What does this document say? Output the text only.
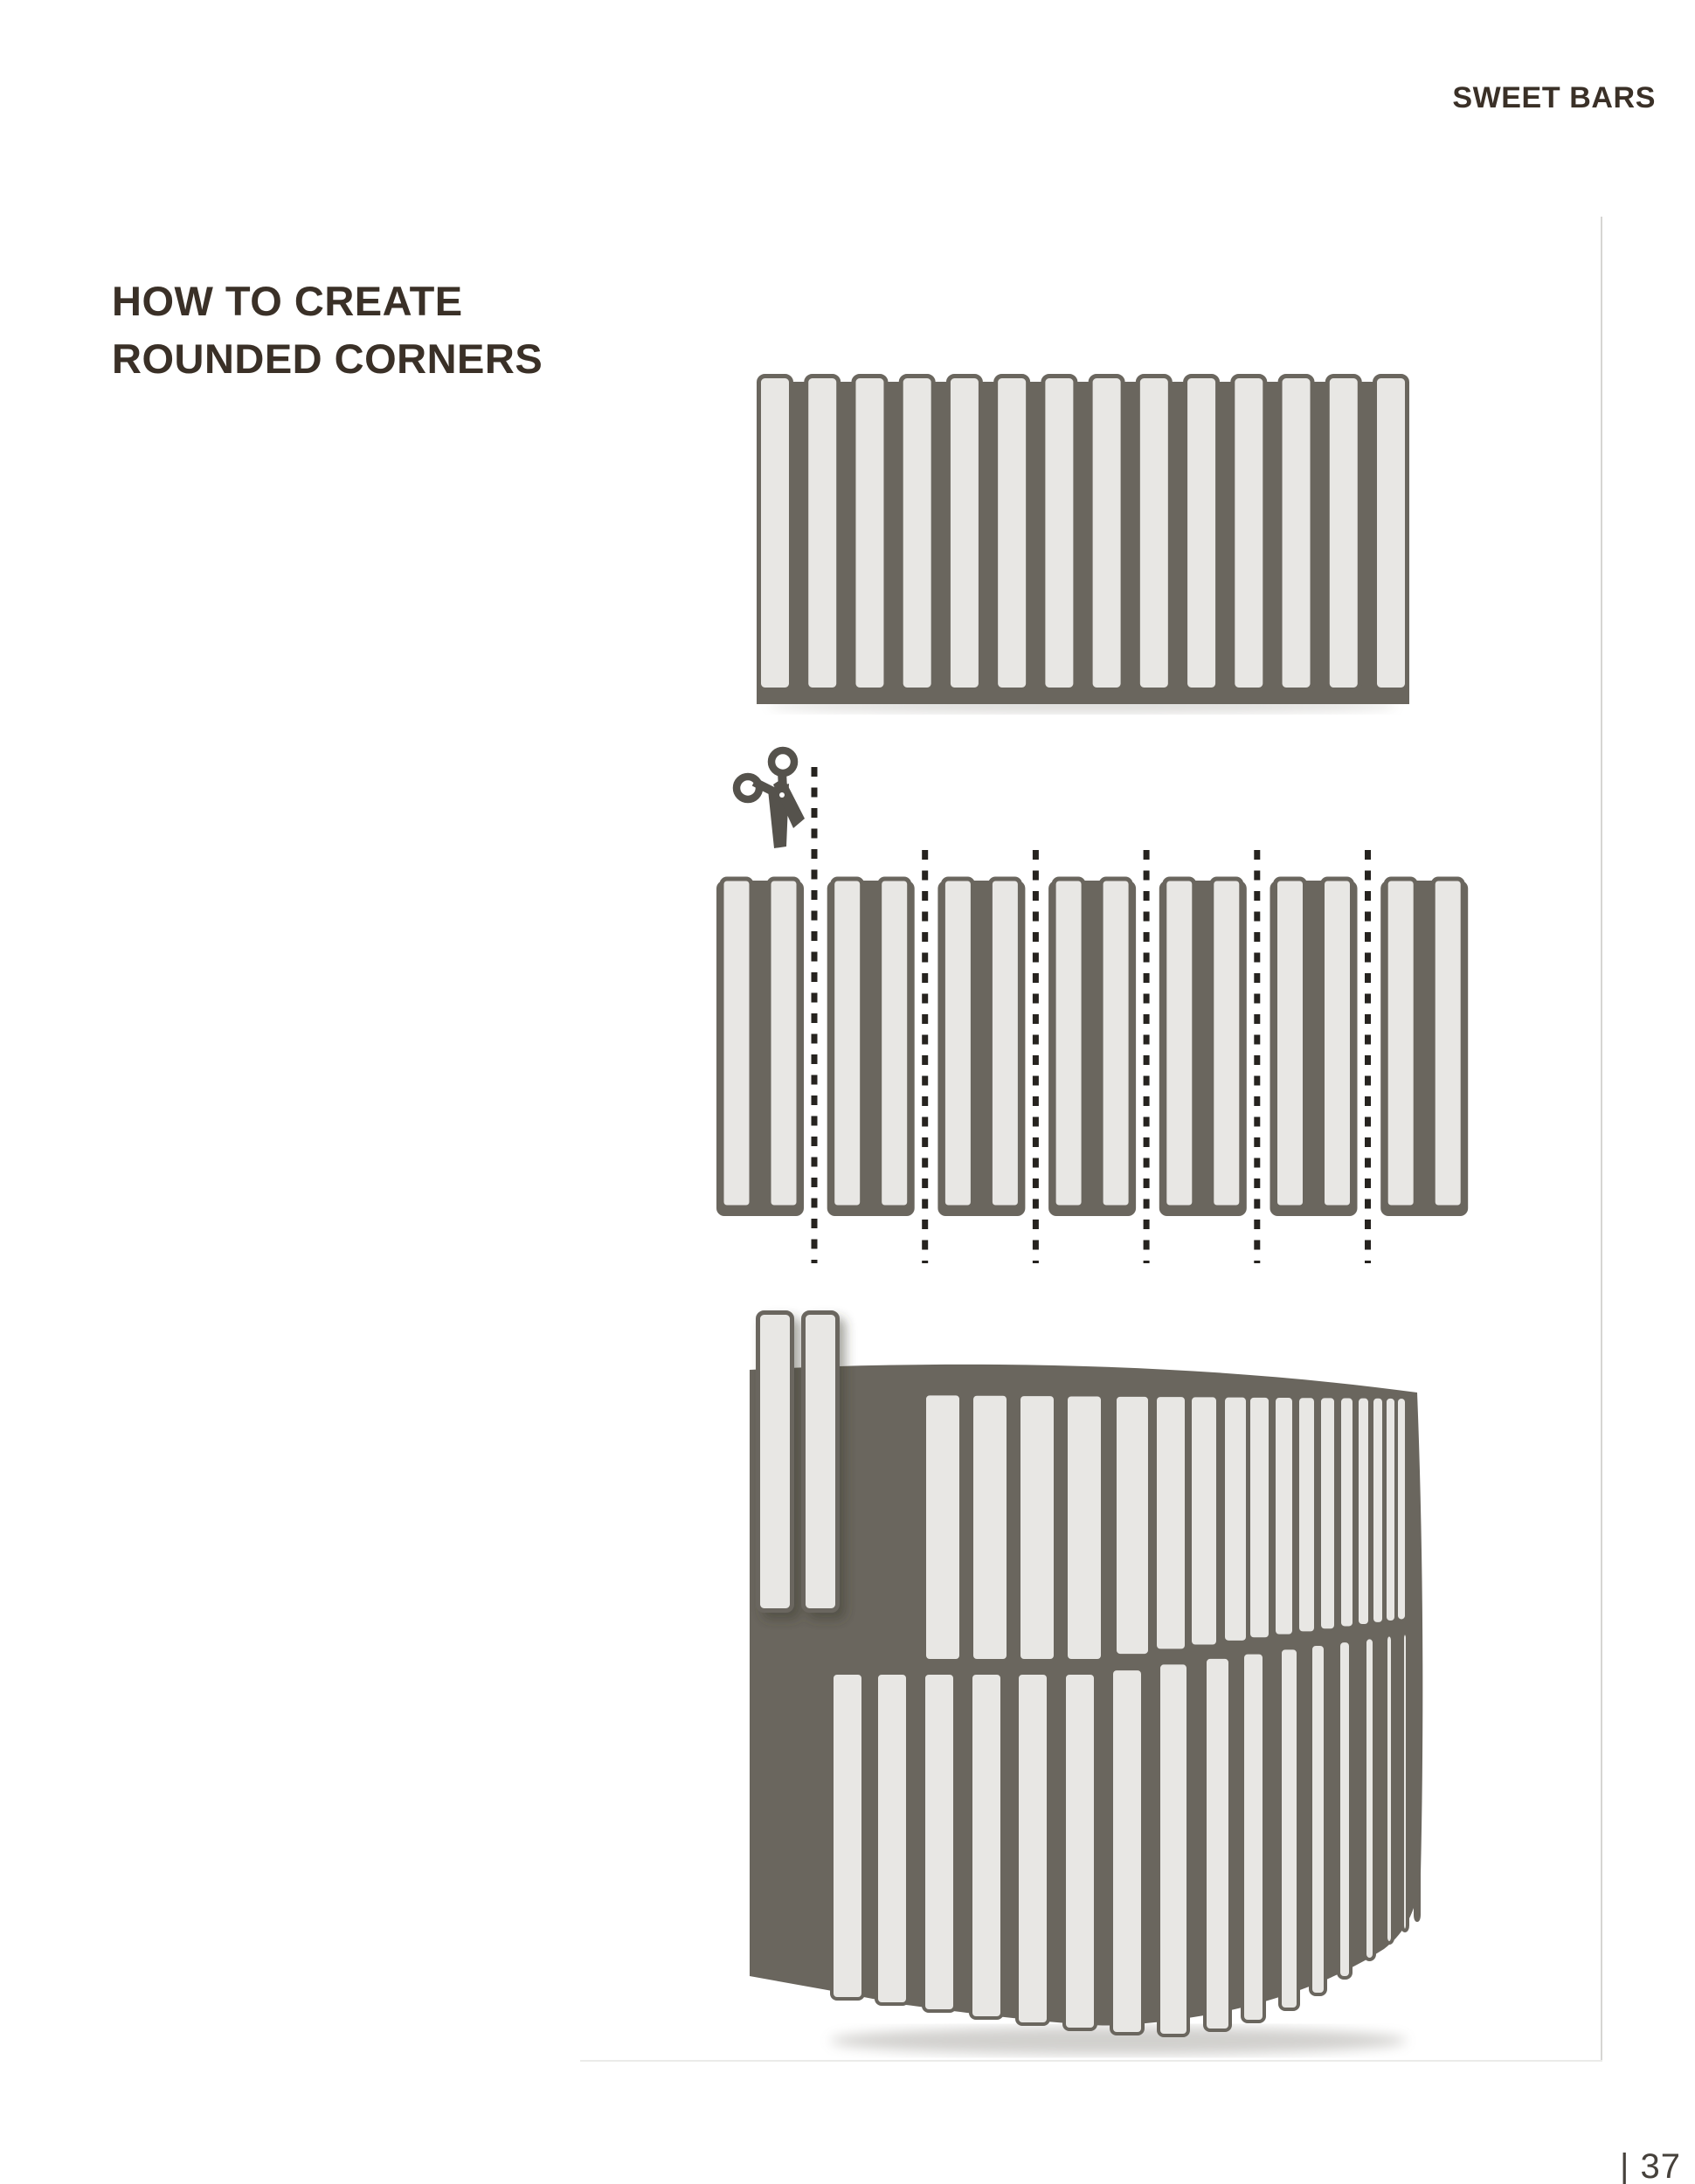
SWEET BARS
HOW TO CREATE
ROUNDED CORNERS
| 37
